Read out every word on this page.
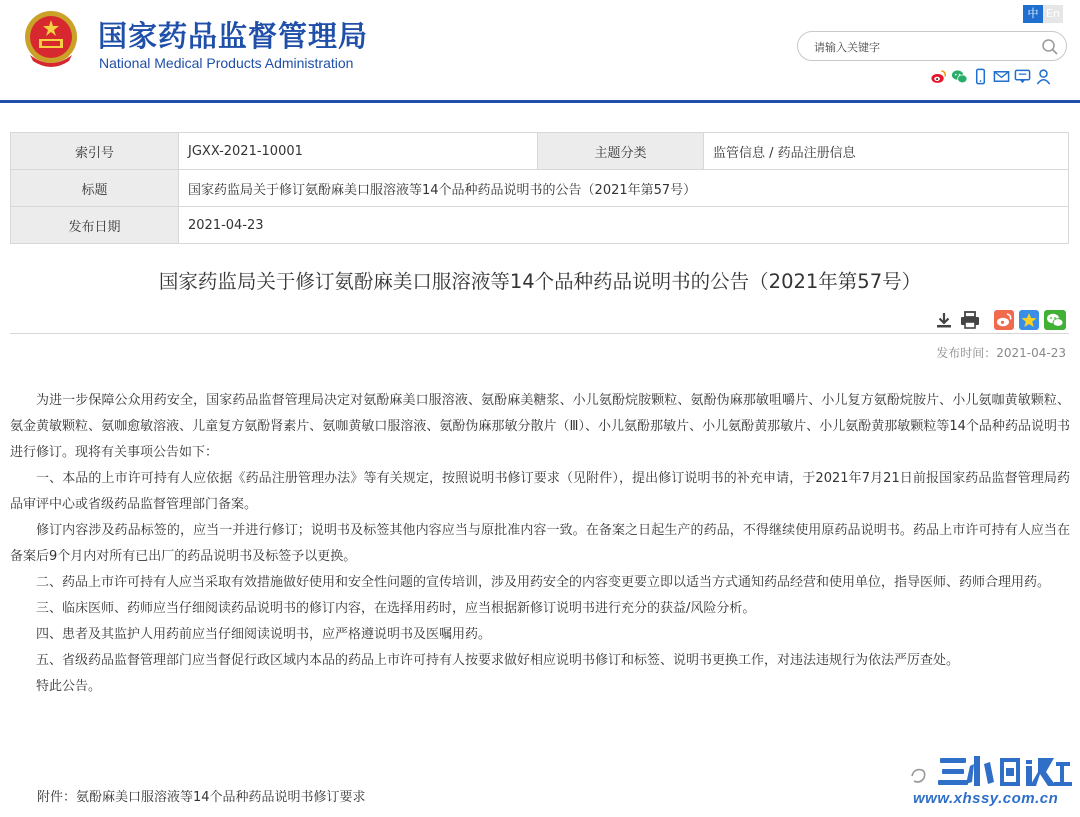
国家药品监督管理局
National Medical Products Administration
中 En
请输入关键字
索引号	JGXX-2021-10001	主题分类	监管信息 / 药品注册信息
标题	国家药监局关于修订氨酚麻美口服溶液等14个品种药品说明书的公告（2021年第57号）		
发布日期	2021-04-23		
国家药监局关于修订氨酚麻美口服溶液等14个品种药品说明书的公告（2021年第57号）
发布时间：2021-04-23

为进一步保障公众用药安全，国家药品监督管理局决定对氨酚麻美口服溶液、氨酚麻美糖浆、小儿氨酚烷胺颗粒、氨酚伪麻那敏咀嚼片、小儿复方氨酚烷胺片、小儿氨咖黄敏颗粒、氨金黄敏颗粒、氨咖愈敏溶液、儿童复方氨酚肾素片、氨咖黄敏口服溶液、氨酚伪麻那敏分散片（Ⅲ）、小儿氨酚那敏片、小儿氨酚黄那敏片、小儿氨酚黄那敏颗粒等14个品种药品说明书进行修订。现将有关事项公告如下：

一、本品的上市许可持有人应依据《药品注册管理办法》等有关规定，按照说明书修订要求（见附件），提出修订说明书的补充申请，于2021年7月21日前报国家药品监督管理局药品审评中心或省级药品监督管理部门备案。

修订内容涉及药品标签的，应当一并进行修订；说明书及标签其他内容应当与原批准内容一致。在备案之日起生产的药品，不得继续使用原药品说明书。药品上市许可持有人应当在备案后9个月内对所有已出厂的药品说明书及标签予以更换。

二、药品上市许可持有人应当采取有效措施做好使用和安全性问题的宣传培训，涉及用药安全的内容变更要立即以适当方式通知药品经营和使用单位，指导医师、药师合理用药。

三、临床医师、药师应当仔细阅读药品说明书的修订内容，在选择用药时，应当根据新修订说明书进行充分的获益/风险分析。

四、患者及其监护人用药前应当仔细阅读说明书，应严格遵说明书及医嘱用药。

五、省级药品监督管理部门应当督促行政区域内本品的药品上市许可持有人按要求做好相应说明书修订和标签、说明书更换工作，对违法违规行为依法严厉查处。

特此公告。

附件：氨酚麻美口服溶液等14个品种药品说明书修订要求	www.xhssy.com.cn
